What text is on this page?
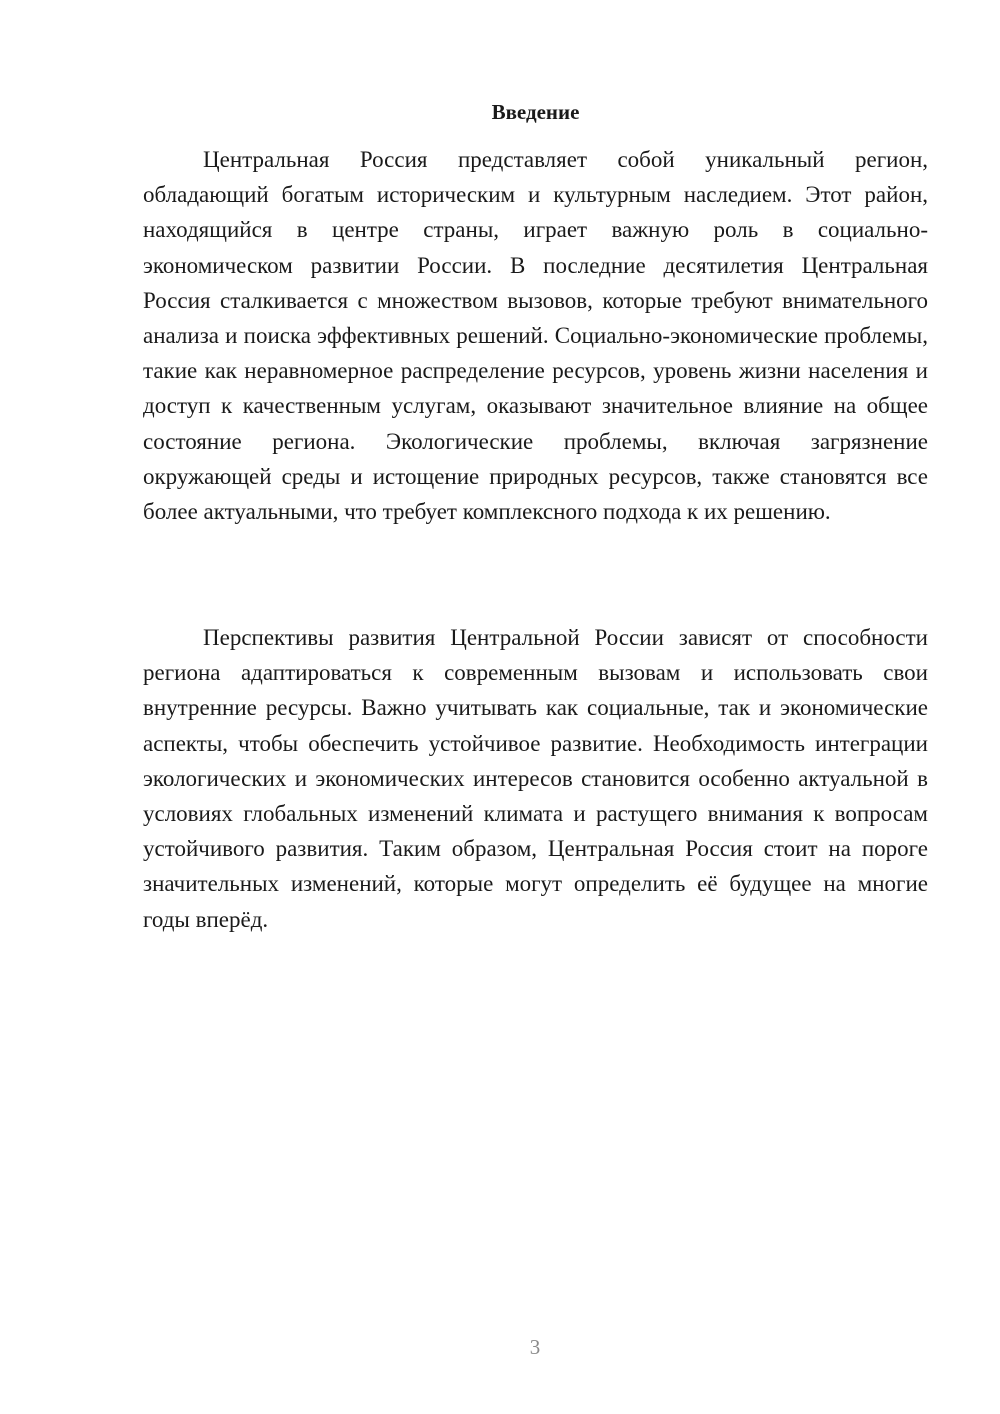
Введение

Центральная Россия представляет собой уникальный регион, обладающий богатым историческим и культурным наследием. Этот район, находящийся в центре страны, играет важную роль в социально-экономическом развитии России. В последние десятилетия Центральная Россия сталкивается с множеством вызовов, которые требуют внимательного анализа и поиска эффективных решений. Социально-экономические проблемы, такие как неравномерное распределение ресурсов, уровень жизни населения и доступ к качественным услугам, оказывают значительное влияние на общее состояние региона. Экологические проблемы, включая загрязнение окружающей среды и истощение природных ресурсов, также становятся все более актуальными, что требует комплексного подхода к их решению.

Перспективы развития Центральной России зависят от способности региона адаптироваться к современным вызовам и использовать свои внутренние ресурсы. Важно учитывать как социальные, так и экономические аспекты, чтобы обеспечить устойчивое развитие. Необходимость интеграции экологических и экономических интересов становится особенно актуальной в условиях глобальных изменений климата и растущего внимания к вопросам устойчивого развития. Таким образом, Центральная Россия стоит на пороге значительных изменений, которые могут определить её будущее на многие годы вперёд.

3
